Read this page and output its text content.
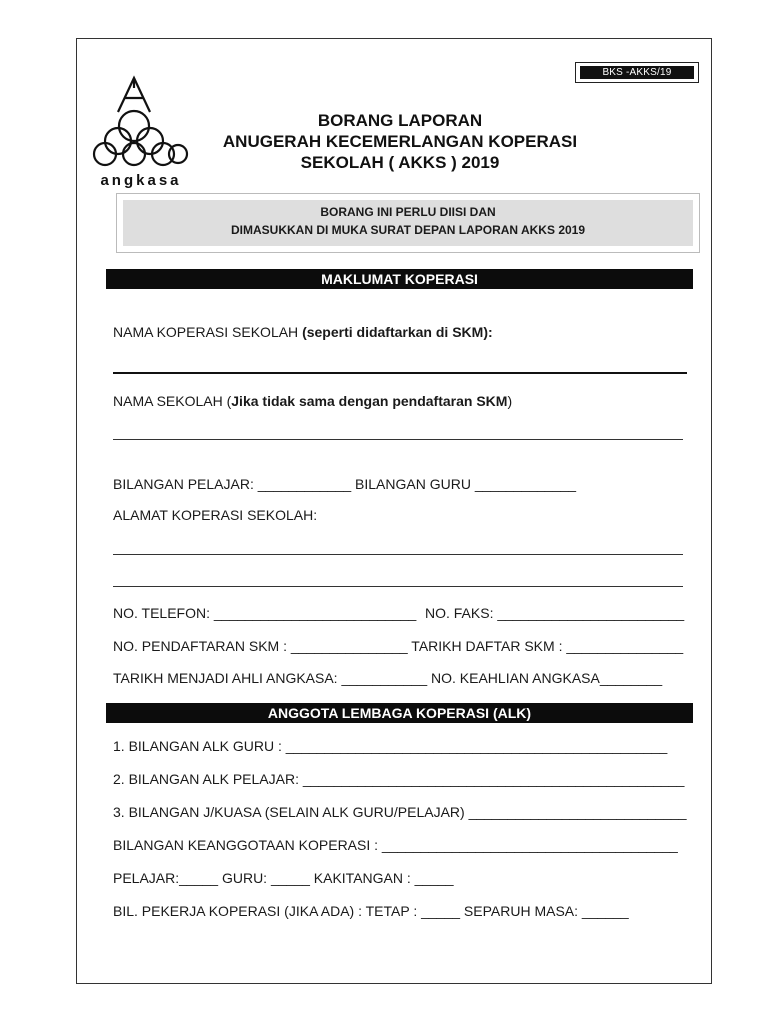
BKS -AKKS/19
angkasa
BORANG LAPORAN
ANUGERAH KECEMERLANGAN KOPERASI
SEKOLAH ( AKKS ) 2019
BORANG INI PERLU DIISI DAN
DIMASUKKAN DI MUKA SURAT DEPAN LAPORAN AKKS 2019
MAKLUMAT KOPERASI
NAMA KOPERASI SEKOLAH (seperti didaftarkan di SKM):
NAMA SEKOLAH (Jika tidak sama dengan pendaftaran SKM)
BILANGAN PELAJAR: ____________ BILANGAN GURU _____________
ALAMAT KOPERASI SEKOLAH:
NO. TELEFON: __________________________ NO. FAKS: ________________________
NO. PENDAFTARAN SKM : _______________ TARIKH DAFTAR SKM : _______________
TARIKH MENJADI AHLI ANGKASA: ___________ NO. KEAHLIAN ANGKASA________
ANGGOTA LEMBAGA KOPERASI (ALK)
1. BILANGAN ALK GURU : _________________________________________________
2. BILANGAN ALK PELAJAR: _________________________________________________
3. BILANGAN J/KUASA (SELAIN ALK GURU/PELAJAR) ____________________________
BILANGAN KEANGGOTAAN KOPERASI : ______________________________________
PELAJAR:_____ GURU: _____ KAKITANGAN : _____
BIL. PEKERJA KOPERASI (JIKA ADA) : TETAP : _____ SEPARUH MASA: ______
